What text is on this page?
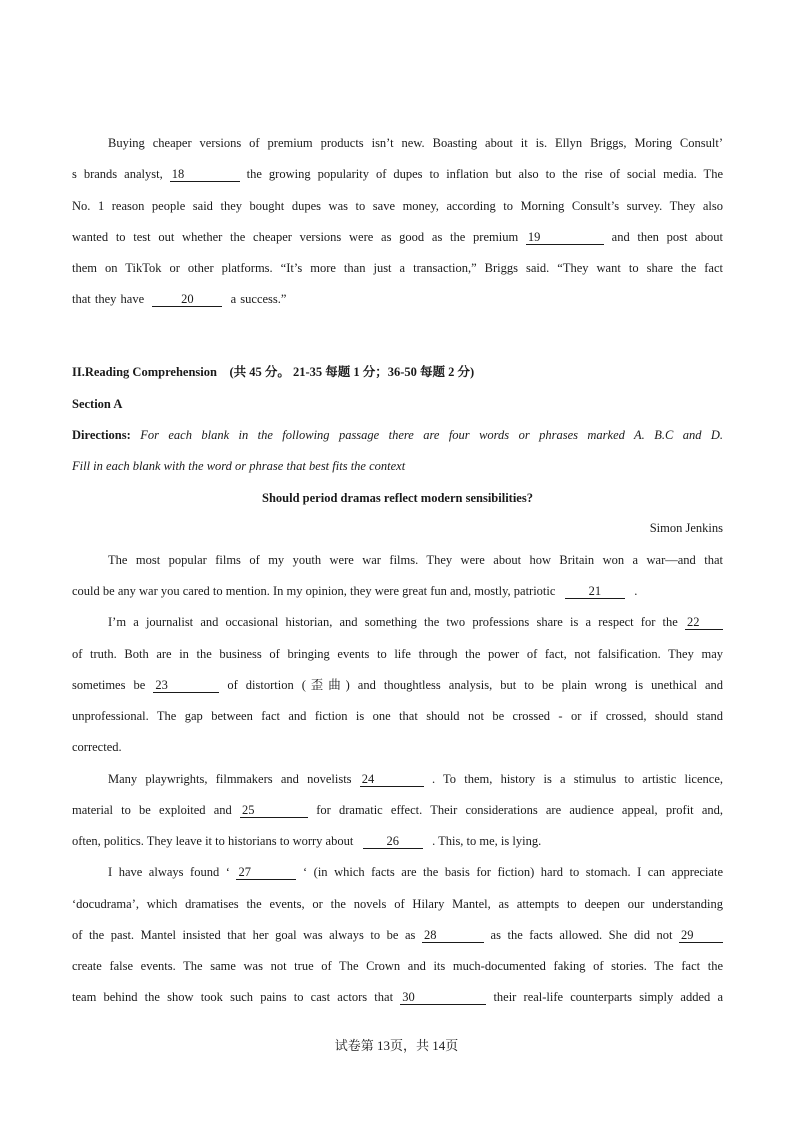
Buying cheaper versions of premium products isn’t new. Boasting about it is. Ellyn Briggs, Moring Consult’
s brands analyst, 18	the growing popularity of dupes to inflation but also to the rise of social media. The
No. 1 reason people said they bought dupes was to save money, according to Morning Consult’s survey. They also
wanted to test out whether the cheaper versions were as good as the premium 19	and then post about
them on TikTok or other platforms. “It’s more than just a transaction,” Briggs said. “They want to share the fact
that they have	20	a success.”
II.Reading Comprehension (共 45 分。 21-35 每题 1 分；36-50 每题 2 分)
Section A
Directions: For each blank in the following passage there are four words or phrases marked A. B.C and D.
Fill in each blank with the word or phrase that best fits the context
Should period dramas reflect modern sensibilities?
Simon Jenkins
The most popular films of my youth were war films. They were about how Britain won a war—and that
could be any war you cared to mention. In my opinion, they were great fun and, mostly, patriotic	21	.
I’m a journalist and occasional historian, and something the two professions share is a respect for the 22
of truth. Both are in the business of bringing events to life through the power of fact, not falsification. They may
sometimes be 23	of distortion (歪曲) and thoughtless analysis, but to be plain wrong is unethical and
unprofessional. The gap between fact and fiction is one that should not be crossed - or if crossed, should stand
corrected.
Many playwrights, filmmakers and novelists 24	. To them, history is a stimulus to artistic licence,
material to be exploited and 25	for dramatic effect. Their considerations are audience appeal, profit and,
often, politics. They leave it to historians to worry about	26	. This, to me, is lying.
I have always found ‘ 27	‘ (in which facts are the basis for fiction) hard to stomach. I can appreciate
‘docudrama’, which dramatises the events, or the novels of Hilary Mantel, as attempts to deepen our understanding
of the past. Mantel insisted that her goal was always to be as 28	as the facts allowed. She did not 29
create false events. The same was not true of The Crown and its much-documented faking of stories. The fact the
team behind the show took such pains to cast actors that 30	their real-life counterparts simply added a
试卷第 13页，共 14页
